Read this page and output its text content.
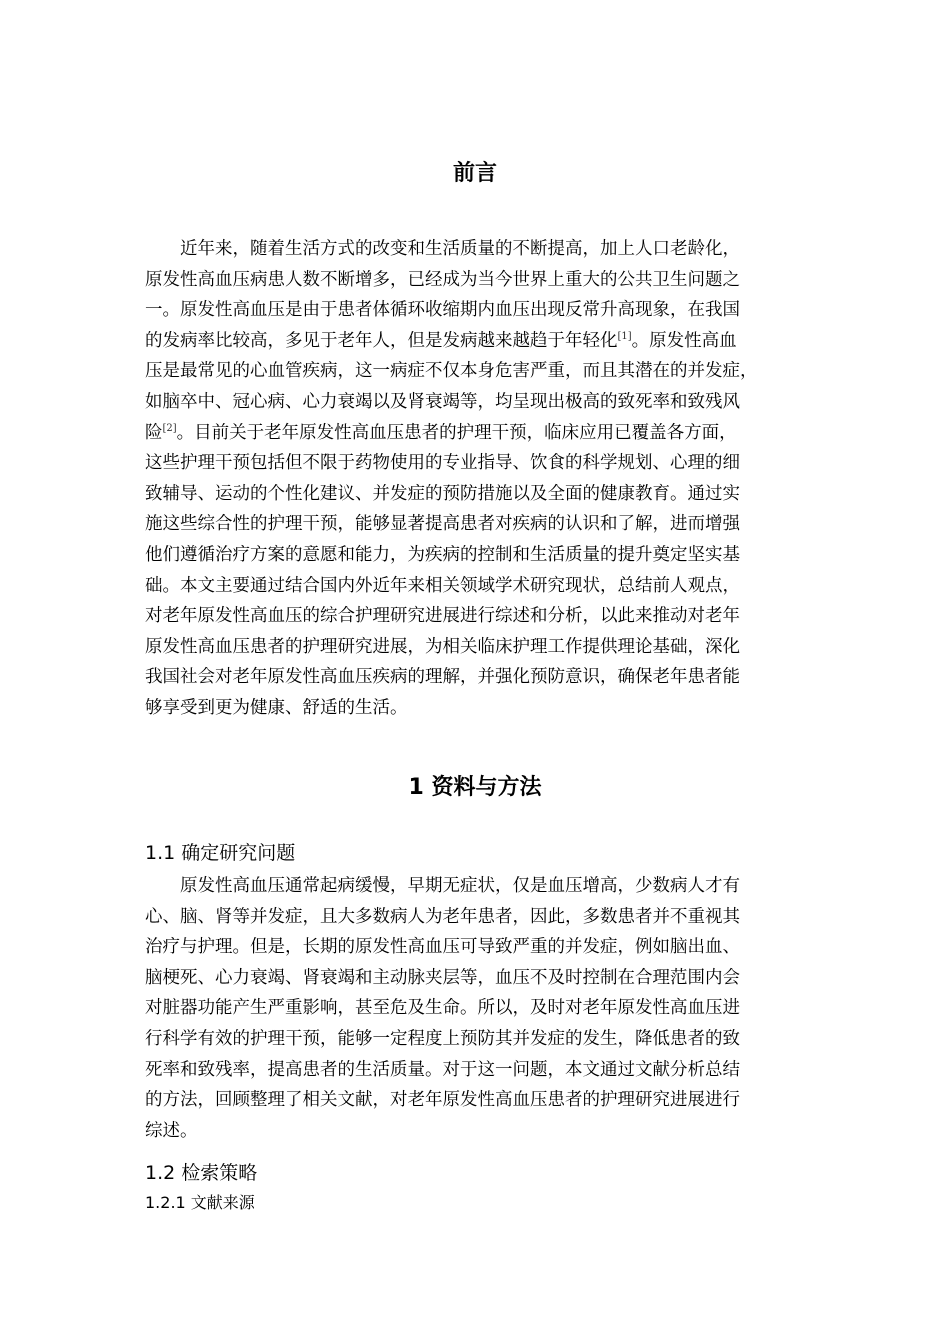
前言
近年来，随着生活方式的改变和生活质量的不断提高，加上人口老龄化，
原发性高血压病患人数不断增多，已经成为当今世界上重大的公共卫生问题之
一。原发性高血压是由于患者体循环收缩期内血压出现反常升高现象，在我国
的发病率比较高，多见于老年人，但是发病越来越趋于年轻化[1]。原发性高血
压是最常见的心血管疾病，这一病症不仅本身危害严重，而且其潜在的并发症，
如脑卒中、冠心病、心力衰竭以及肾衰竭等，均呈现出极高的致死率和致残风
险[2]。目前关于老年原发性高血压患者的护理干预，临床应用已覆盖各方面，
这些护理干预包括但不限于药物使用的专业指导、饮食的科学规划、心理的细
致辅导、运动的个性化建议、并发症的预防措施以及全面的健康教育。通过实
施这些综合性的护理干预，能够显著提高患者对疾病的认识和了解，进而增强
他们遵循治疗方案的意愿和能力，为疾病的控制和生活质量的提升奠定坚实基
础。本文主要通过结合国内外近年来相关领域学术研究现状，总结前人观点，
对老年原发性高血压的综合护理研究进展进行综述和分析，以此来推动对老年
原发性高血压患者的护理研究进展，为相关临床护理工作提供理论基础，深化
我国社会对老年原发性高血压疾病的理解，并强化预防意识，确保老年患者能
够享受到更为健康、舒适的生活。
1 资料与方法
1.1 确定研究问题
原发性高血压通常起病缓慢，早期无症状，仅是血压增高，少数病人才有
心、脑、肾等并发症，且大多数病人为老年患者，因此，多数患者并不重视其
治疗与护理。但是，长期的原发性高血压可导致严重的并发症，例如脑出血、
脑梗死、心力衰竭、肾衰竭和主动脉夹层等，血压不及时控制在合理范围内会
对脏器功能产生严重影响，甚至危及生命。所以，及时对老年原发性高血压进
行科学有效的护理干预，能够一定程度上预防其并发症的发生，降低患者的致
死率和致残率，提高患者的生活质量。对于这一问题，本文通过文献分析总结
的方法，回顾整理了相关文献，对老年原发性高血压患者的护理研究进展进行
综述。
1.2 检索策略
1.2.1 文献来源
